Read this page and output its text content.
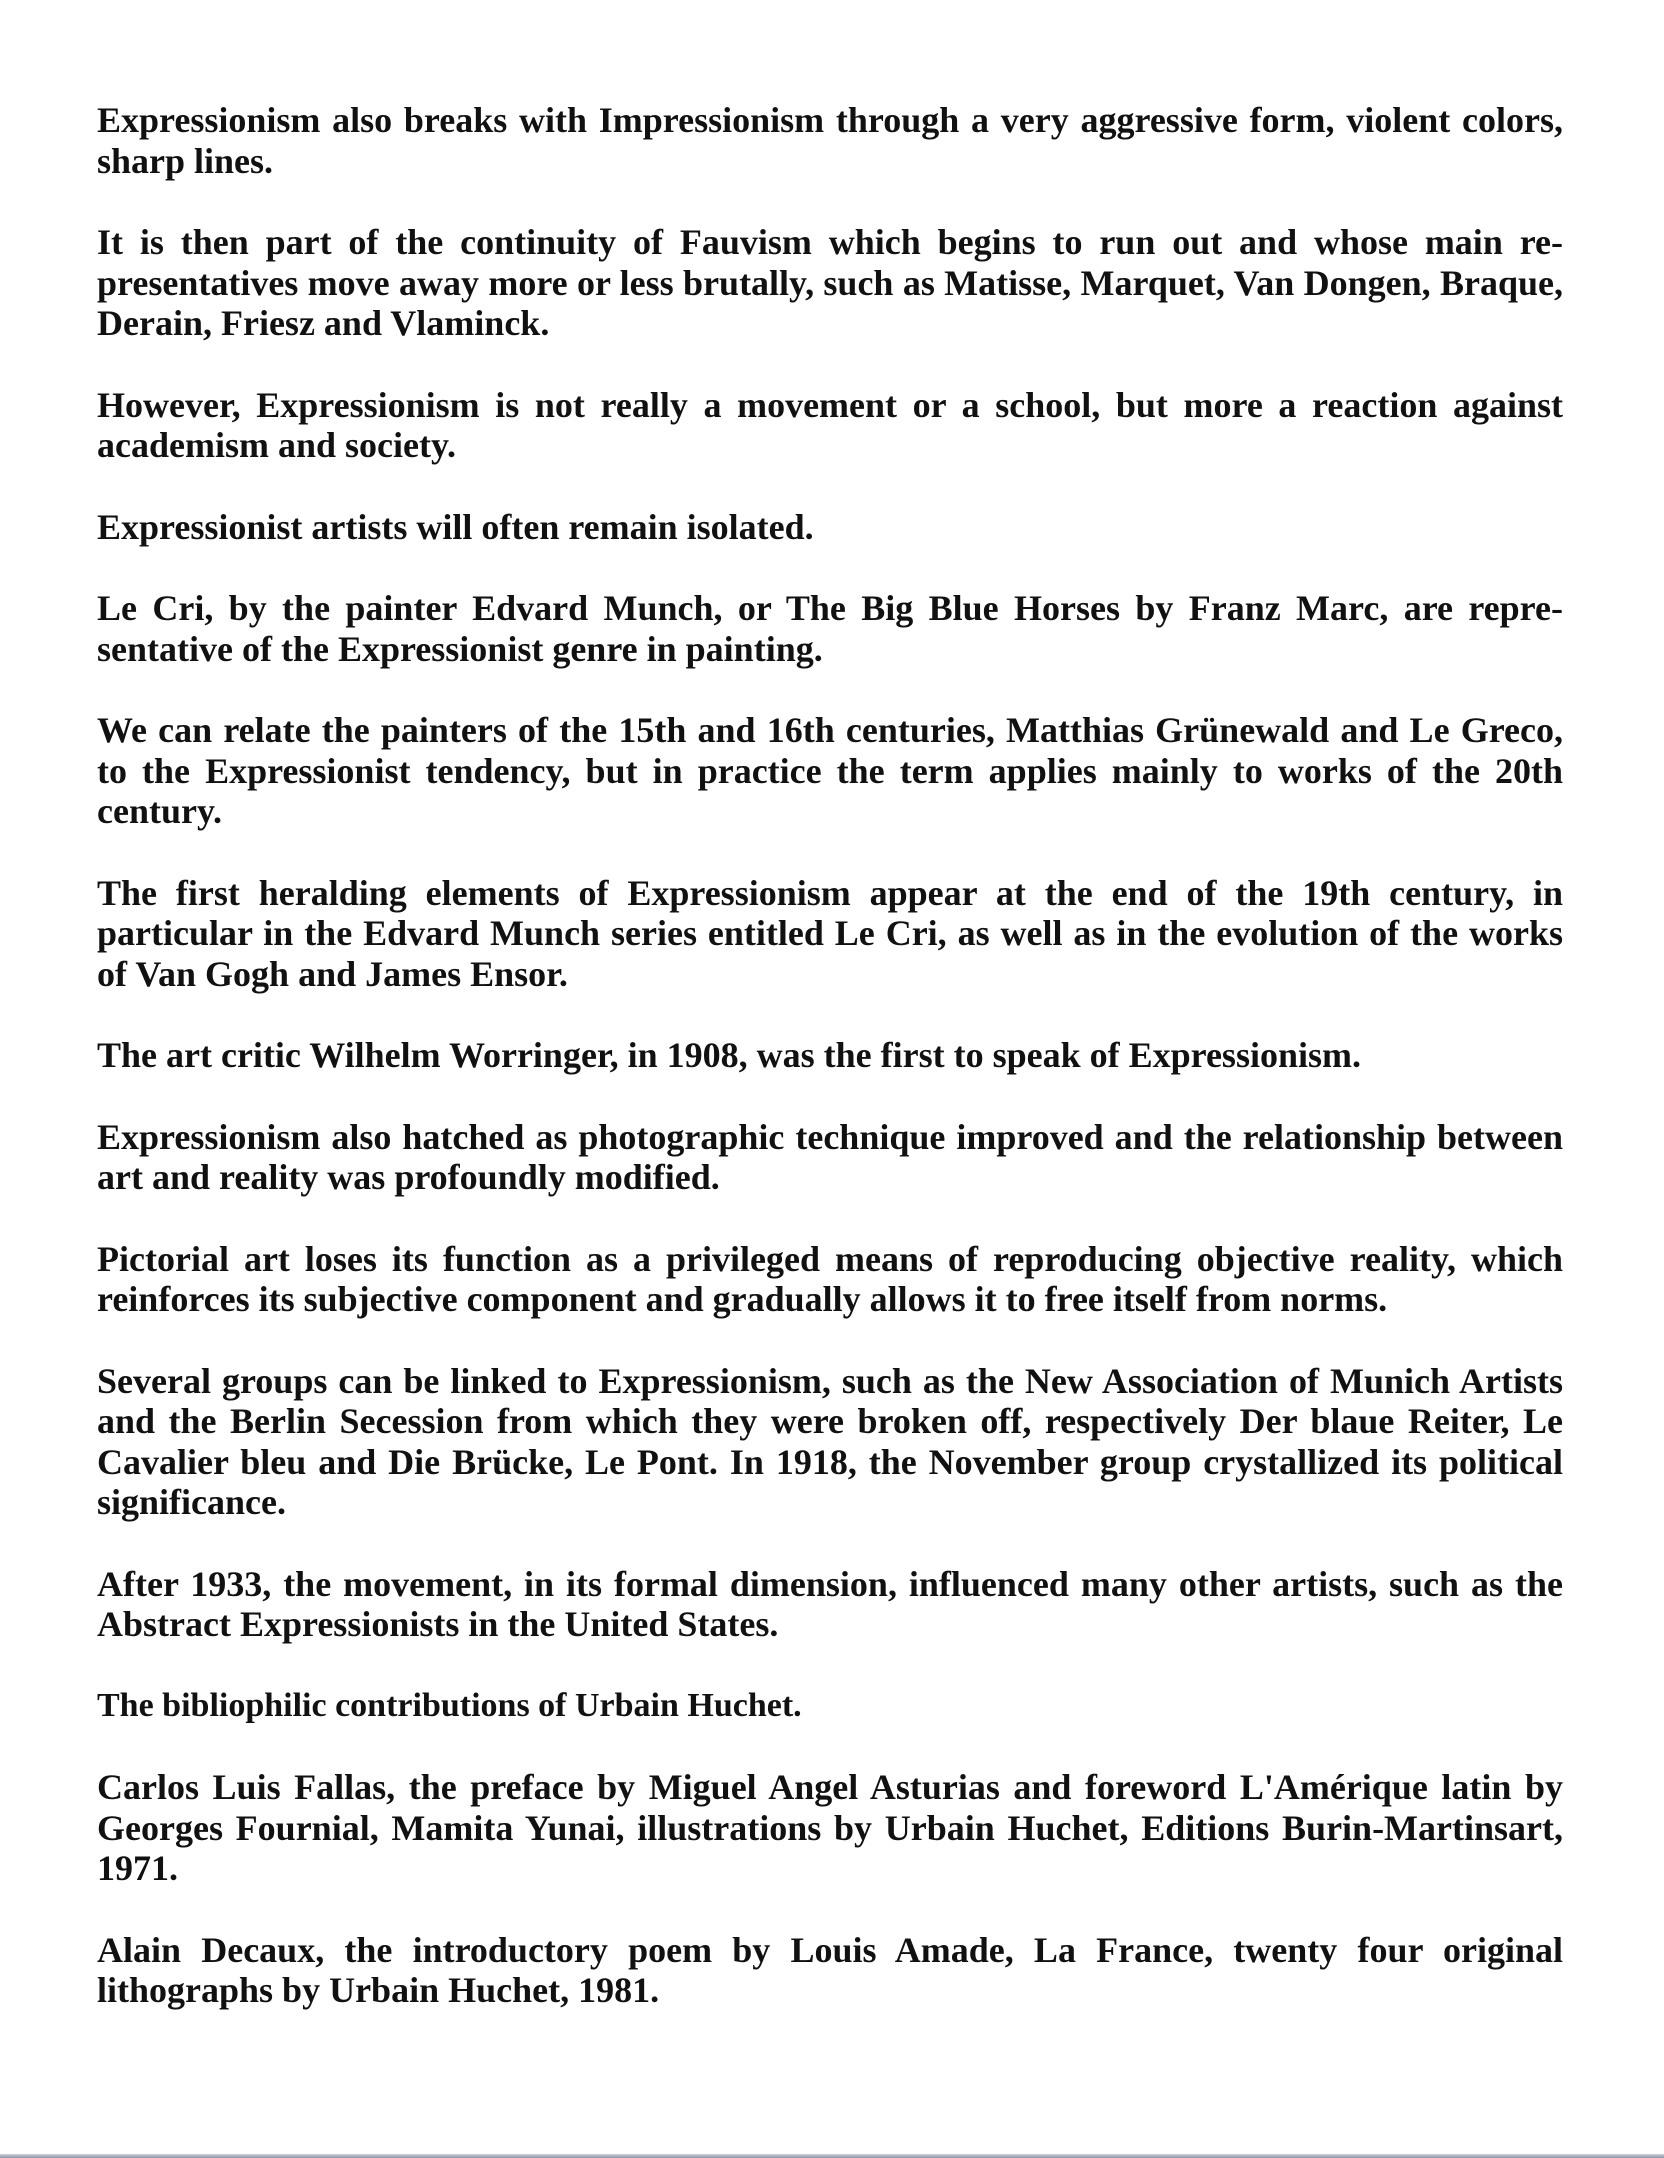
Expressionism also breaks with Impressionism through a very aggressive form, violent colors, sharp lines.

It is then part of the continuity of Fauvism which begins to run out and whose main representatives move away more or less brutally, such as Matisse, Marquet, Van Dongen, Braque, Derain, Friesz and Vlaminck.

However, Expressionism is not really a movement or a school, but more a reaction against academism and society.

Expressionist artists will often remain isolated.

Le Cri, by the painter Edvard Munch, or The Big Blue Horses by Franz Marc, are representative of the Expressionist genre in painting.

We can relate the painters of the 15th and 16th centuries, Matthias Grünewald and Le Greco, to the Expressionist tendency, but in practice the term applies mainly to works of the 20th century.

The first heralding elements of Expressionism appear at the end of the 19th century, in particular in the Edvard Munch series entitled Le Cri, as well as in the evolution of the works of Van Gogh and James Ensor.

The art critic Wilhelm Worringer, in 1908, was the first to speak of Expressionism.

Expressionism also hatched as photographic technique improved and the relationship between art and reality was profoundly modified.

Pictorial art loses its function as a privileged means of reproducing objective reality, which reinforces its subjective component and gradually allows it to free itself from norms.

Several groups can be linked to Expressionism, such as the New Association of Munich Artists and the Berlin Secession from which they were broken off, respectively Der blaue Reiter, Le Cavalier bleu and Die Brücke, Le Pont. In 1918, the November group crystallized its political significance.

After 1933, the movement, in its formal dimension, influenced many other artists, such as the Abstract Expressionists in the United States.

The bibliophilic contributions of Urbain Huchet.

Carlos Luis Fallas, the preface by Miguel Angel Asturias and foreword L'Amérique latin by Georges Fournial, Mamita Yunai, illustrations by Urbain Huchet, Editions Burin-Martinsart, 1971.

Alain Decaux, the introductory poem by Louis Amade, La France, twenty four original lithographs by Urbain Huchet, 1981.
